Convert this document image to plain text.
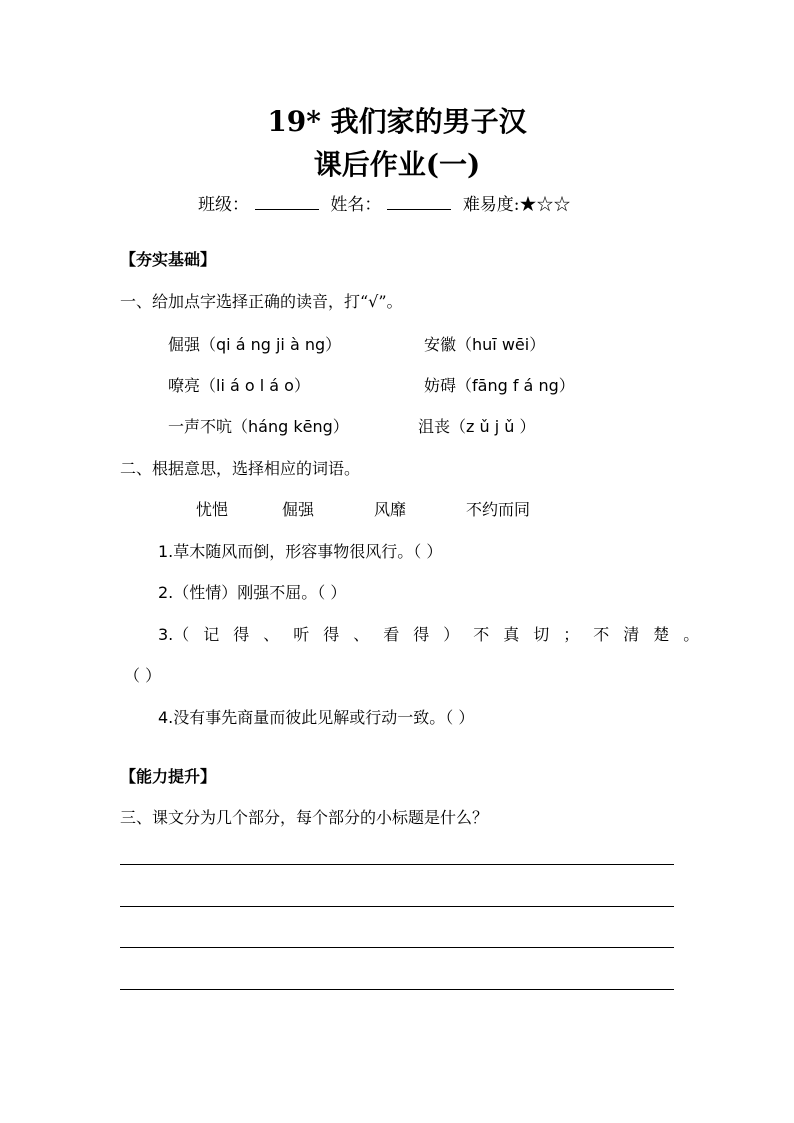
19* 我们家的男子汉
课后作业(一)
班级：	姓名：	难易度:★☆☆
【夯实基础】
一、给加点字选择正确的读音，打“√”。
倔强（qi á ng ji à ng）	安徽（huī wēi）
嘹亮（li á o l á o）	妨碍（fāng f á ng）
一声不吭（háng kēng）	沮丧（z ǔ j ǔ ）
二、根据意思，选择相应的词语。
忧悒	倔强	风靡	不约而同
1.草木随风而倒，形容事物很风行。（ ）
2.（性情）刚强不屈。（ ）
3.（记得、听得、看得）不真切；不清楚。
（ ）
4.没有事先商量而彼此见解或行动一致。（ ）
【能力提升】
三、课文分为几个部分，每个部分的小标题是什么？
